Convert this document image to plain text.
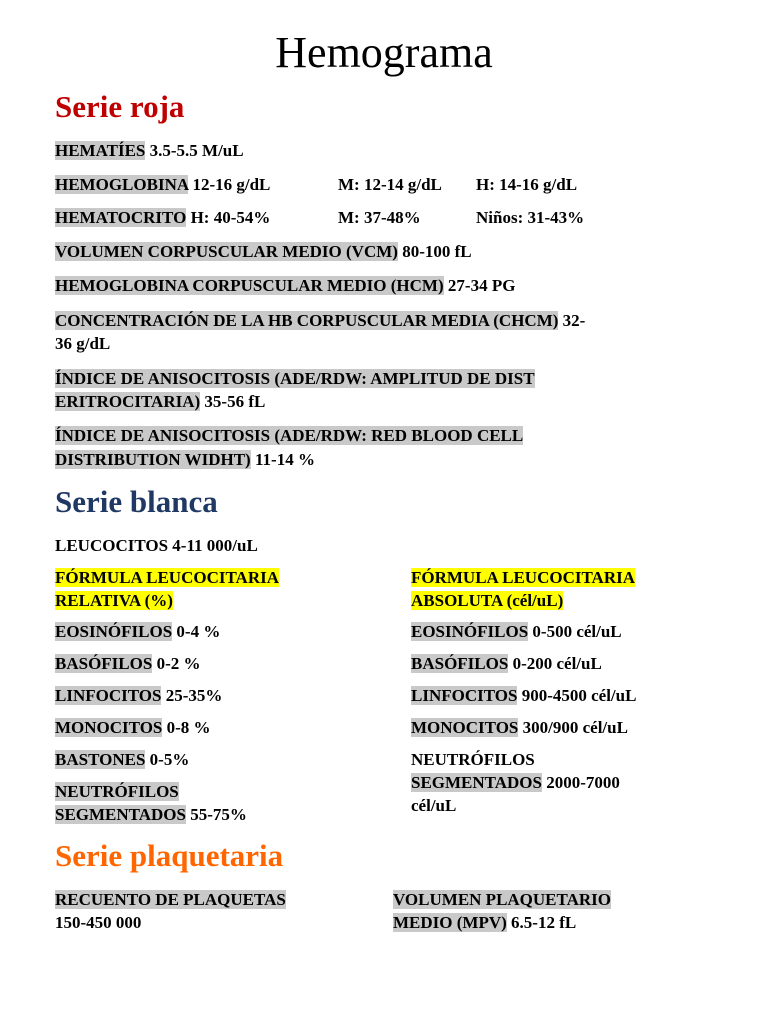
Hemograma
Serie roja
HEMATÍES 3.5-5.5 M/uL
HEMOGLOBINA 12-16 g/dL	M: 12-14 g/dL H: 14-16 g/dL
HEMATOCRITO H: 40-54%	M: 37-48%	Niños: 31-43%
VOLUMEN CORPUSCULAR MEDIO (VCM) 80-100 fL
HEMOGLOBINA CORPUSCULAR MEDIO (HCM) 27-34 PG
CONCENTRACIÓN DE LA HB CORPUSCULAR MEDIA (CHCM) 32-
36 g/dL
ÍNDICE DE ANISOCITOSIS (ADE/RDW: AMPLITUD DE DIST
ERITROCITARIA) 35-56 fL
ÍNDICE DE ANISOCITOSIS (ADE/RDW: RED BLOOD CELL
DISTRIBUTION WIDHT) 11-14 %
Serie blanca
LEUCOCITOS 4-11 000/uL
FÓRMULA LEUCOCITARIA
RELATIVA (%)
EOSINÓFILOS 0-4 %
BASÓFILOS 0-2 %
LINFOCITOS 25-35%
MONOCITOS 0-8 %
BASTONES 0-5%
NEUTRÓFILOS
SEGMENTADOS 55-75%
FÓRMULA LEUCOCITARIA
ABSOLUTA (cél/uL)
EOSINÓFILOS 0-500 cél/uL
BASÓFILOS 0-200 cél/uL
LINFOCITOS 900-4500 cél/uL
MONOCITOS 300/900 cél/uL
NEUTRÓFILOS
SEGMENTADOS 2000-7000
cél/uL
Serie plaquetaria
RECUENTO DE PLAQUETAS
150-450 000
VOLUMEN PLAQUETARIO
MEDIO (MPV) 6.5-12 fL
